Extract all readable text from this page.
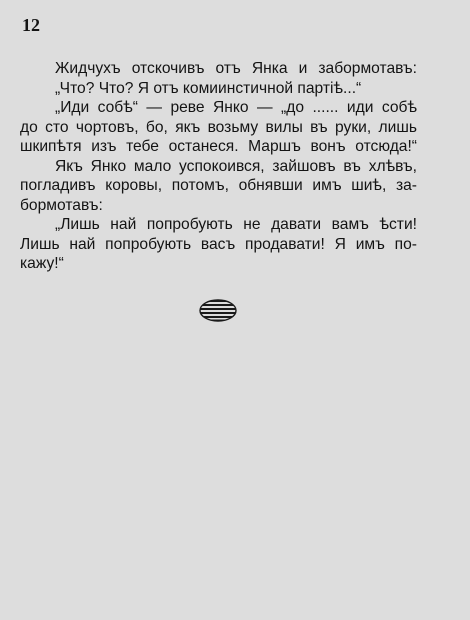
12
Жидчухъ отскочивъ отъ Янка и забормотавъ:
„Что? Что? Я отъ комиинстичной партiѣ...“
„Иди собѣ“ — реве Янко — „до ...... иди собѣ
до сто чортовъ, бо, якъ возьму вилы въ руки, лишь
шкипѣтя изъ тебе останеся. Маршъ вонъ отсюда!“
Якъ Янко мало успокоився, зайшовъ въ хлѣвъ,
погладивъ коровы, потомъ, обнявши имъ шиѣ, за-
бормотавъ:
„Лишь най попробують не давати вамъ ѣсти!
Лишь най попробують васъ продавати! Я имъ по-
кажу!“
